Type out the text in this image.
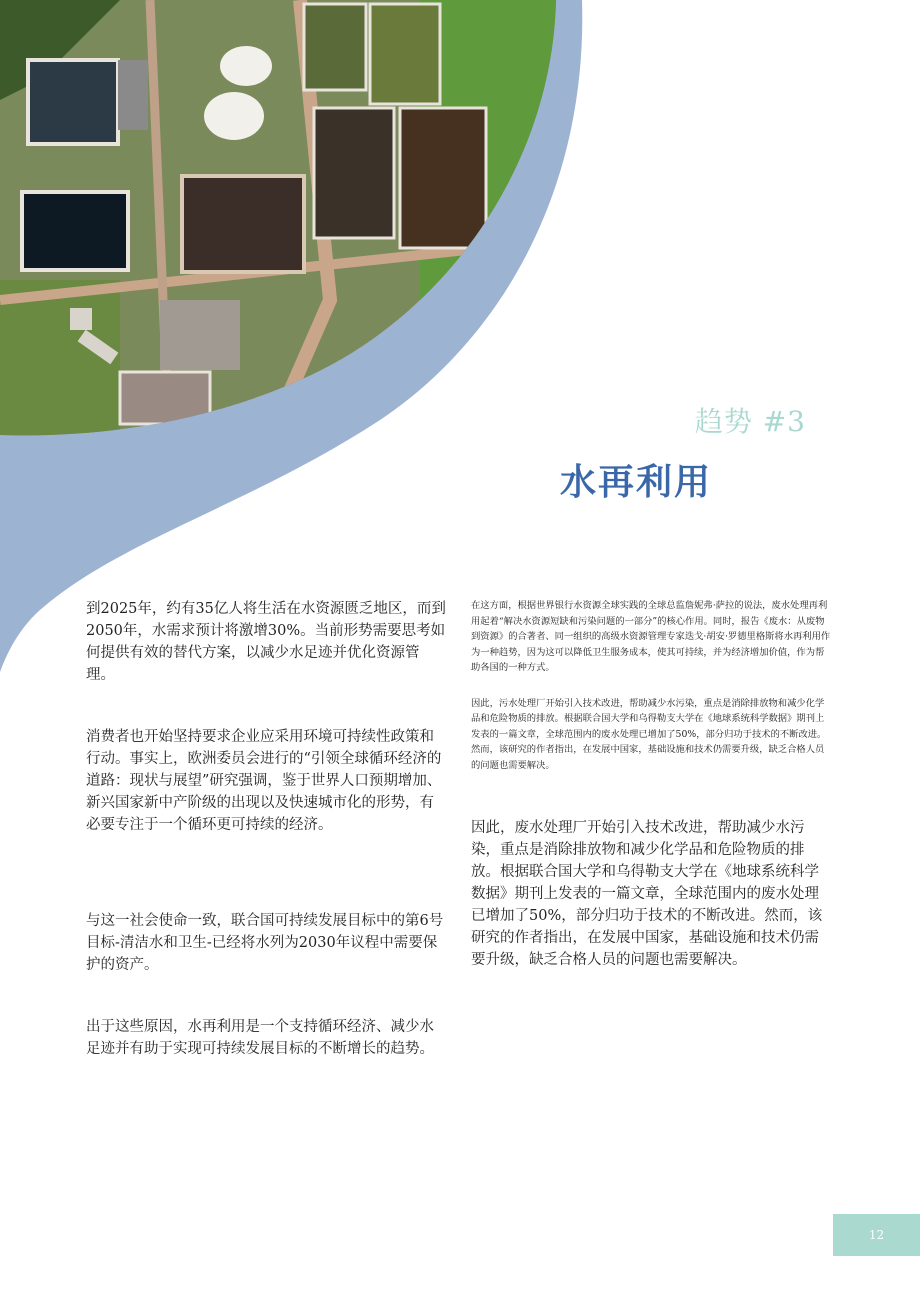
趋势 #3
水再利用

到2025年，约有35亿人将生活在水资源匮乏地区，而到2050年，水需求预计将激增30%。当前形势需要思考如何提供有效的替代方案，以减少水足迹并优化资源管理。

消费者也开始坚持要求企业应采用环境可持续性政策和行动。事实上，欧洲委员会进行的“引领全球循环经济的道路：现状与展望”研究强调，鉴于世界人口预期增加、新兴国家新中产阶级的出现以及快速城市化的形势，有必要专注于一个循环更可持续的经济。

与这一社会使命一致，联合国可持续发展目标中的第6号目标-清洁水和卫生-已经将水列为2030年议程中需要保护的资产。

出于这些原因，水再利用是一个支持循环经济、减少水足迹并有助于实现可持续发展目标的不断增长的趋势。

在这方面，根据世界银行水资源全球实践的全球总监詹妮弗·萨拉的说法，废水处理再利用起着“解决水资源短缺和污染问题的一部分”的核心作用。同时，报告《废水：从废物到资源》的合著者、同一组织的高级水资源管理专家迭戈·胡安·罗德里格斯将水再利用作为一种趋势，因为这可以降低卫生服务成本，使其可持续，并为经济增加价值，作为帮助各国的一种方式。

因此，污水处理厂开始引入技术改进，帮助减少水污染，重点是消除排放物和减少化学品和危险物质的排放。根据联合国大学和乌得勒支大学在《地球系统科学数据》期刊上发表的一篇文章，全球范围内的废水处理已增加了50%，部分归功于技术的不断改进。然而，该研究的作者指出，在发展中国家，基础设施和技术仍需要升级，缺乏合格人员的问题也需要解决。

因此，废水处理厂开始引入技术改进，帮助减少水污染，重点是消除排放物和减少化学品和危险物质的排放。根据联合国大学和乌得勒支大学在《地球系统科学数据》期刊上发表的一篇文章，全球范围内的废水处理已增加了50%，部分归功于技术的不断改进。然而，该研究的作者指出，在发展中国家，基础设施和技术仍需要升级，缺乏合格人员的问题也需要解决。

12
